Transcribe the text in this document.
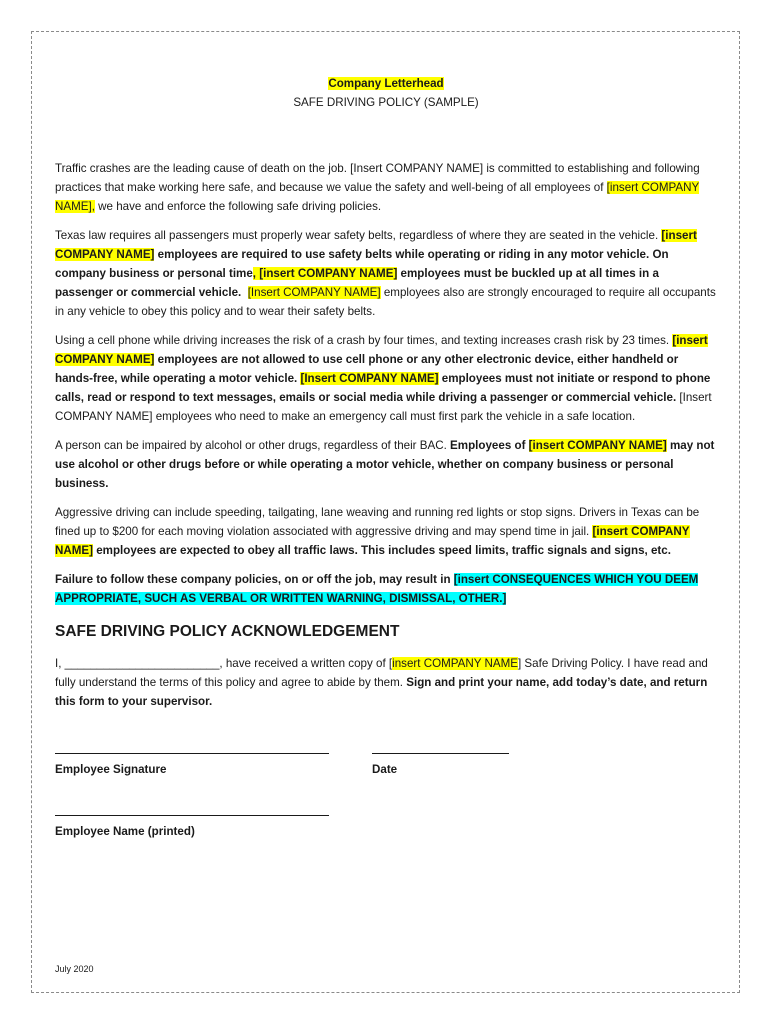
Company Letterhead
SAFE DRIVING POLICY (SAMPLE)

Traffic crashes are the leading cause of death on the job. [Insert COMPANY NAME] is committed to establishing and following practices that make working here safe, and because we value the safety and well-being of all employees of [insert COMPANY NAME], we have and enforce the following safe driving policies.

Texas law requires all passengers must properly wear safety belts, regardless of where they are seated in the vehicle. [insert COMPANY NAME] employees are required to use safety belts while operating or riding in any motor vehicle. On company business or personal time, [insert COMPANY NAME] employees must be buckled up at all times in a passenger or commercial vehicle. [Insert COMPANY NAME] employees also are strongly encouraged to require all occupants in any vehicle to obey this policy and to wear their safety belts.

Using a cell phone while driving increases the risk of a crash by four times, and texting increases crash risk by 23 times. [insert COMPANY NAME] employees are not allowed to use cell phone or any other electronic device, either handheld or hands-free, while operating a motor vehicle. [Insert COMPANY NAME] employees must not initiate or respond to phone calls, read or respond to text messages, emails or social media while driving a passenger or commercial vehicle. [Insert COMPANY NAME] employees who need to make an emergency call must first park the vehicle in a safe location.

A person can be impaired by alcohol or other drugs, regardless of their BAC. Employees of [insert COMPANY NAME] may not use alcohol or other drugs before or while operating a motor vehicle, whether on company business or personal business.

Aggressive driving can include speeding, tailgating, lane weaving and running red lights or stop signs. Drivers in Texas can be fined up to $200 for each moving violation associated with aggressive driving and may spend time in jail. [insert COMPANY NAME] employees are expected to obey all traffic laws. This includes speed limits, traffic signals and signs, etc.

Failure to follow these company policies, on or off the job, may result in [insert CONSEQUENCES WHICH YOU DEEM APPROPRIATE, SUCH AS VERBAL OR WRITTEN WARNING, DISMISSAL, OTHER.]

SAFE DRIVING POLICY ACKNOWLEDGEMENT

I, ________________________, have received a written copy of [insert COMPANY NAME] Safe Driving Policy. I have read and fully understand the terms of this policy and agree to abide by them. Sign and print your name, add today’s date, and return this form to your supervisor.

Employee Signature	Date
Employee Name (printed)
July 2020
